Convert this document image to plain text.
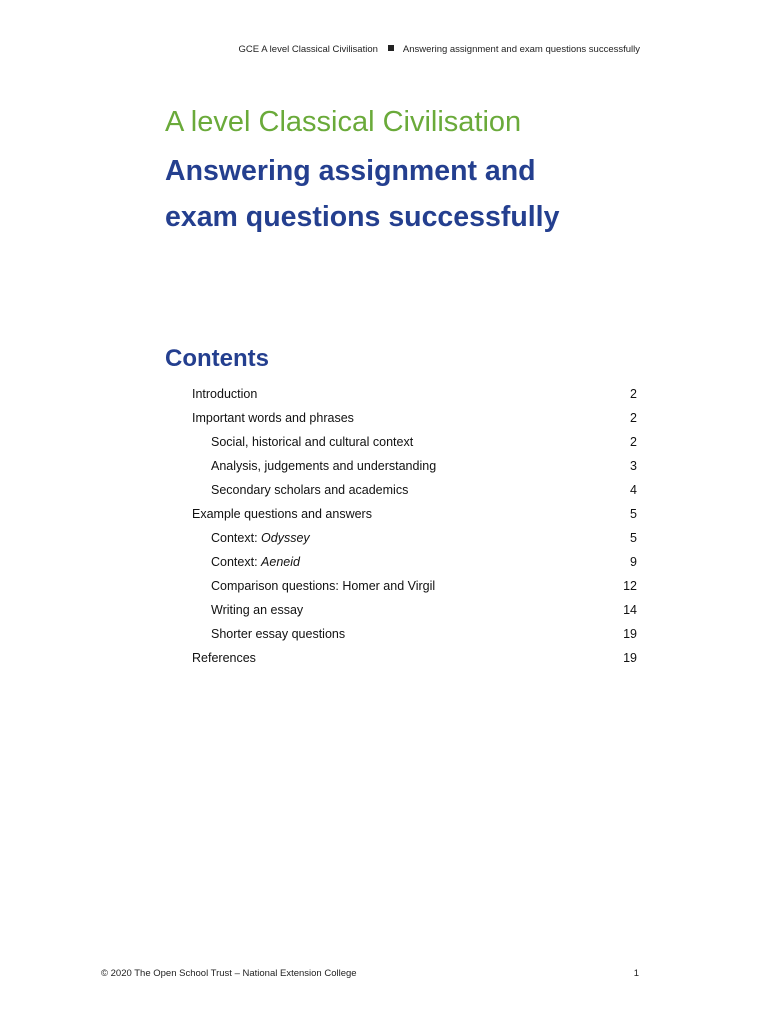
GCE A level Classical Civilisation	Answering assignment and exam questions successfully
A level Classical Civilisation
Answering assignment and
exam questions successfully
Contents
Introduction	2
Important words and phrases	2
Social, historical and cultural context	2
Analysis, judgements and understanding	3
Secondary scholars and academics	4
Example questions and answers	5
Context: Odyssey	5
Context: Aeneid	9
Comparison questions: Homer and Virgil	12
Writing an essay	14
Shorter essay questions	19
References	19
© 2020 The Open School Trust – National Extension College	1
